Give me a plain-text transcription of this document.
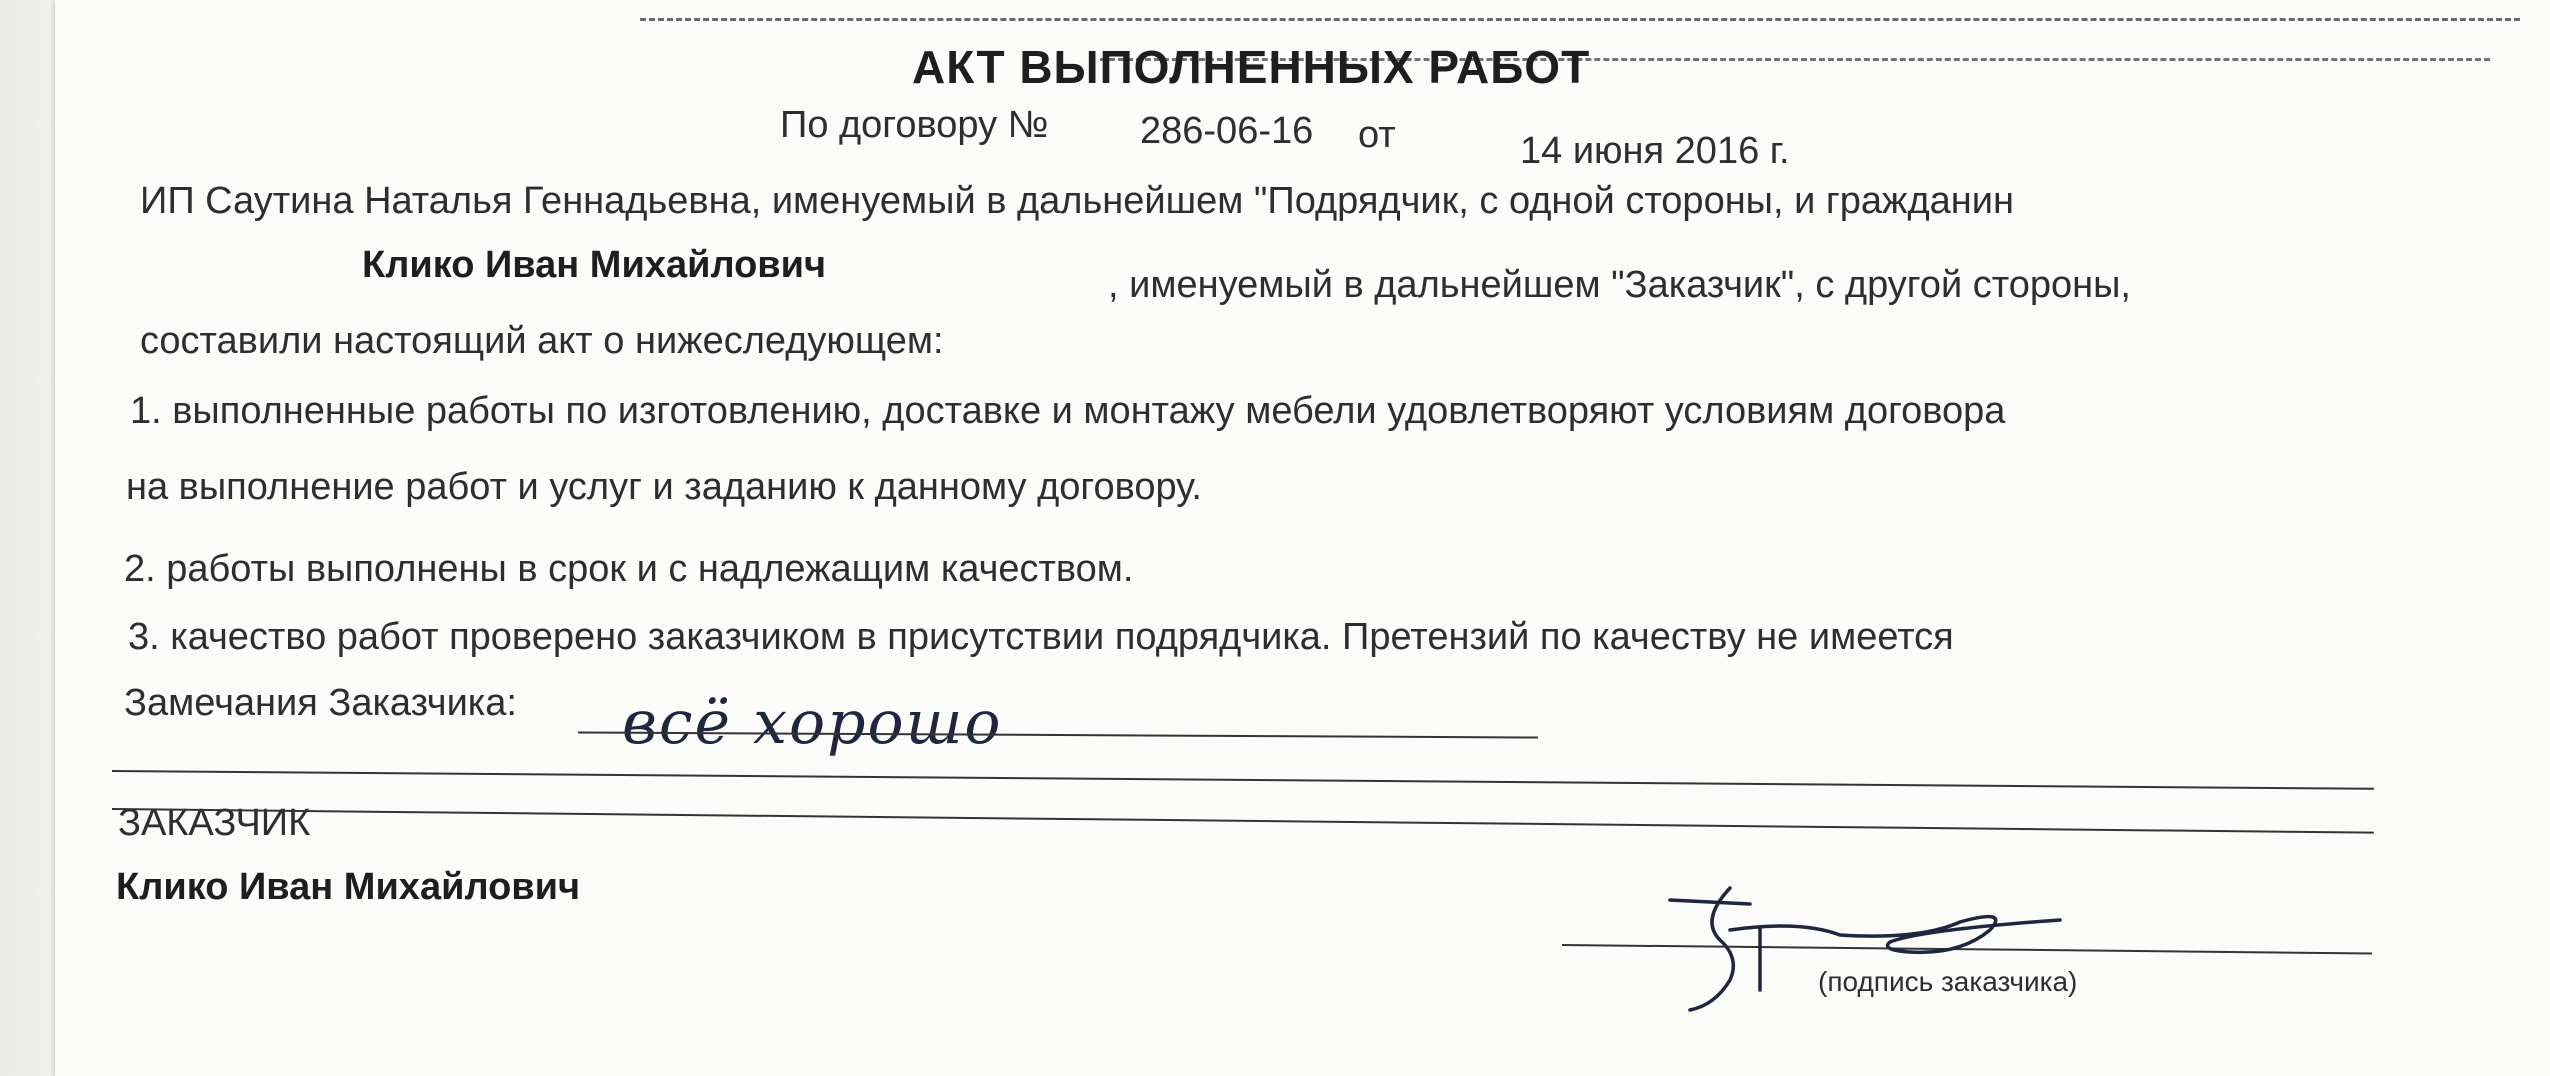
АКТ ВЫПОЛНЕННЫХ РАБОТ
По договору № 286-06-16 от	14 июня 2016 г.
ИП Саутина Наталья Геннадьевна, именуемый в дальнейшем "Подрядчик, с одной стороны, и гражданин
Клико Иван Михайлович	, именуемый в дальнейшем "Заказчик", с другой стороны,
составили настоящий акт о нижеследующем:
1. выполненные работы по изготовлению, доставке и монтажу мебели удовлетворяют условиям договора
на выполнение работ и услуг и заданию к данному договору.
2. работы выполнены в срок и с надлежащим качеством.
3. качество работ проверено заказчиком в присутствии подрядчика. Претензий по качеству не имеется
Замечания Заказчика: всё хорошо
ЗАКАЗЧИК
Клико Иван Михайлович
(подпись заказчика)
